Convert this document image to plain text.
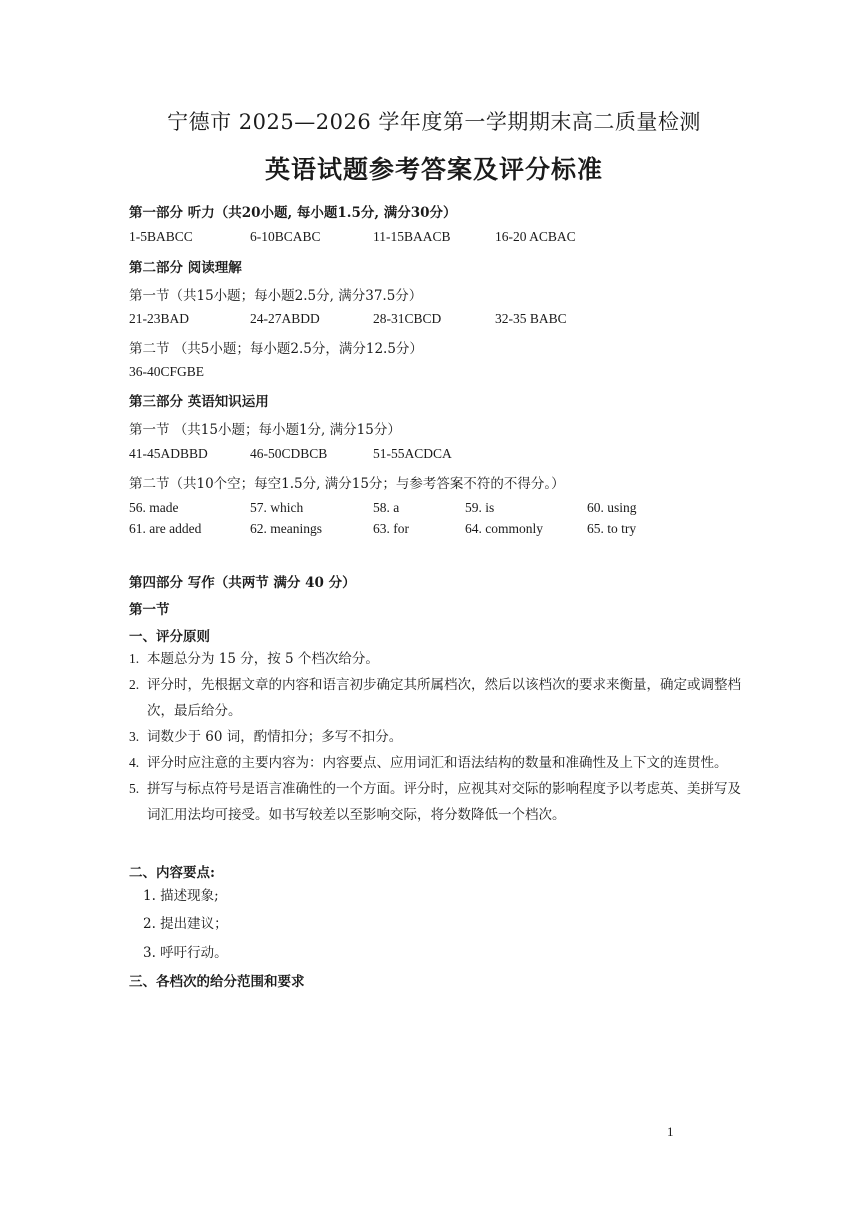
宁德市 2025—2026 学年度第一学期期末高二质量检测
英语试题参考答案及评分标准
第一部分 听力（共20小题, 每小题1.5分, 满分30分）
1-5BABCC	6-10BCABC	11-15BAACB	16-20 ACBAC
第二部分 阅读理解
第一节（共15小题；每小题2.5分, 满分37.5分）
21-23BAD	24-27ABDD	28-31CBCD	32-35 BABC
第二节 （共5小题；每小题2.5分，满分12.5分）
36-40CFGBE
第三部分 英语知识运用
第一节 （共15小题；每小题1分, 满分15分）
41-45ADBBD	46-50CDBCB	51-55ACDCA
第二节（共10个空；每空1.5分, 满分15分；与参考答案不符的不得分。）
56. made	57. which	58. a	59. is	60. using
61. are added	62. meanings	63. for	64. commonly	65. to try
第四部分 写作（共两节 满分 40 分）
第一节
一、评分原则
1. 本题总分为 15 分，按 5 个档次给分。
2. 评分时，先根据文章的内容和语言初步确定其所属档次，然后以该档次的要求来衡量，确定或调整档次，最后给分。
3. 词数少于 60 词，酌情扣分；多写不扣分。
4. 评分时应注意的主要内容为：内容要点、应用词汇和语法结构的数量和准确性及上下文的连贯性。
5. 拼写与标点符号是语言准确性的一个方面。评分时，应视其对交际的影响程度予以考虑英、美拼写及词汇用法均可接受。如书写较差以至影响交际，将分数降低一个档次。
二、内容要点:
1. 描述现象;
2. 提出建议；
3. 呼吁行动。
三、各档次的给分范围和要求
1
